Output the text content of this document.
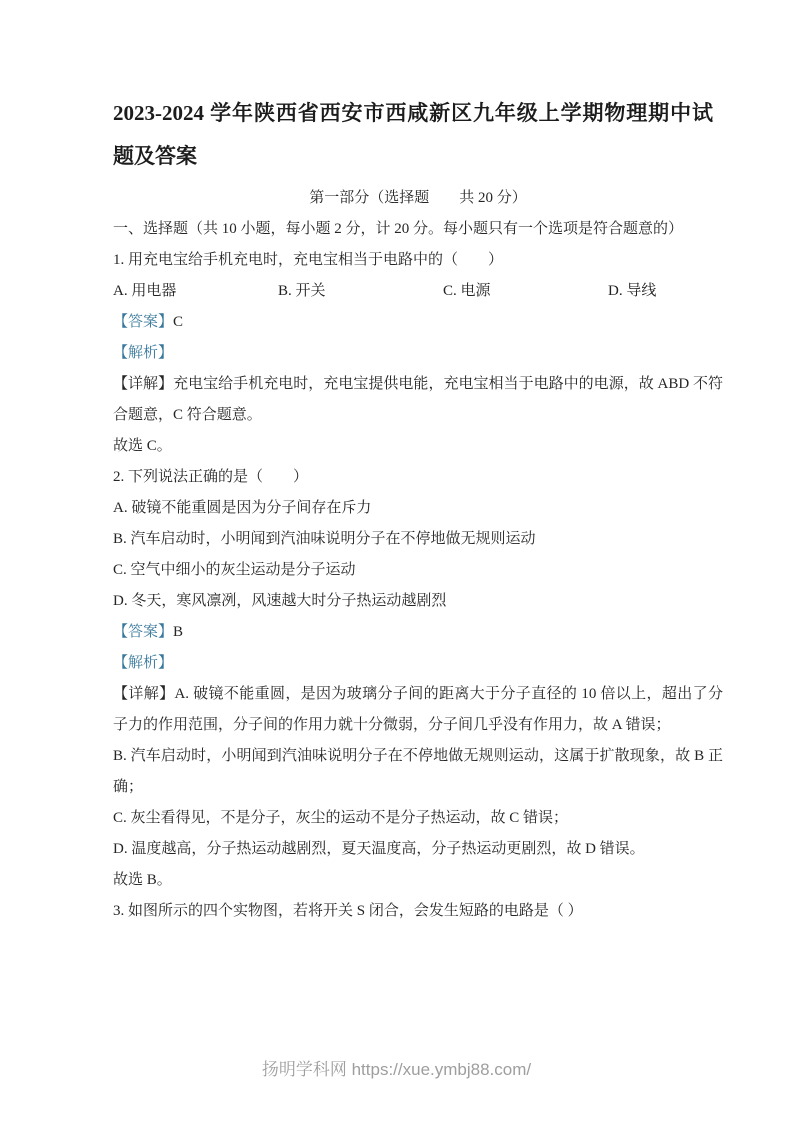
2023-2024 学年陕西省西安市西咸新区九年级上学期物理期中试题及答案

第一部分（选择题　　共 20 分）

一、选择题（共 10 小题，每小题 2 分，计 20 分。每小题只有一个选项是符合题意的）

1. 用充电宝给手机充电时，充电宝相当于电路中的（　　）

A. 用电器	B. 开关	C. 电源	D. 导线

【答案】C

【解析】

【详解】充电宝给手机充电时，充电宝提供电能，充电宝相当于电路中的电源，故 ABD 不符合题意，C 符合题意。

故选 C。

2. 下列说法正确的是（　　）

A. 破镜不能重圆是因为分子间存在斥力

B. 汽车启动时，小明闻到汽油味说明分子在不停地做无规则运动

C. 空气中细小的灰尘运动是分子运动

D. 冬天，寒风凛冽，风速越大时分子热运动越剧烈

【答案】B

【解析】

【详解】A. 破镜不能重圆，是因为玻璃分子间的距离大于分子直径的 10 倍以上，超出了分子力的作用范围，分子间的作用力就十分微弱，分子间几乎没有作用力，故 A 错误；

B. 汽车启动时，小明闻到汽油味说明分子在不停地做无规则运动，这属于扩散现象，故 B 正确；

C. 灰尘看得见，不是分子，灰尘的运动不是分子热运动，故 C 错误；

D. 温度越高，分子热运动越剧烈，夏天温度高，分子热运动更剧烈，故 D 错误。

故选 B。

3. 如图所示的四个实物图，若将开关 S 闭合，会发生短路的电路是（ ）

扬明学科网 https://xue.ymbj88.com/
